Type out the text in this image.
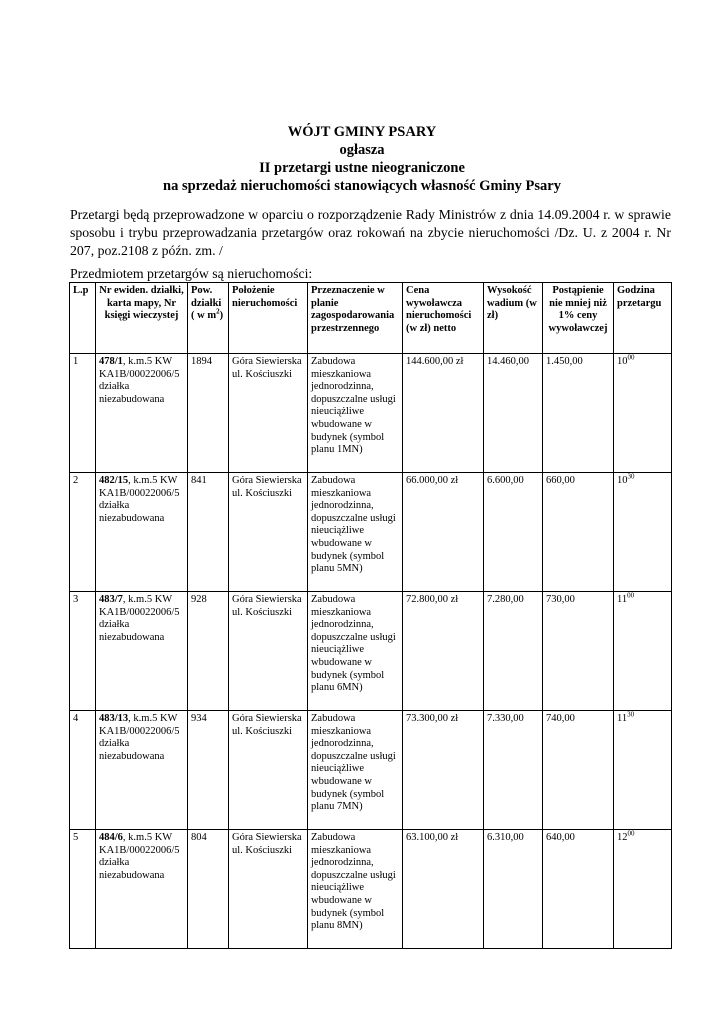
WÓJT GMINY PSARY
ogłasza
II przetargi ustne nieograniczone
na sprzedaż nieruchomości stanowiących własność Gminy Psary
Przetargi będą przeprowadzone w oparciu o rozporządzenie Rady Ministrów z dnia 14.09.2004 r. w sprawie sposobu i trybu przeprowadzania przetargów oraz rokowań na zbycie nieruchomości /Dz. U. z 2004 r. Nr 207, poz.2108 z późn. zm. /
Przedmiotem przetargów są nieruchomości:
L.p	Nr ewiden. działki, karta mapy, Nr księgi wieczystej	Pow. działki ( w $m^2$)	Położenie nieruchomości	Przeznaczenie w planie zagospodarowania przestrzennego	Cena wywoławcza nieruchomości (w zł) netto	Wysokość wadium (w zł)	Postąpienie nie mniej niż 1% ceny wywoławczej	Godzina przetargu
1	478/1, k.m.5 KW KA1B/00022006/5 działka niezabudowana	1894	Góra Siewierska ul. Kościuszki	Zabudowa mieszkaniowa jednorodzinna, dopuszczalne usługi nieuciążliwe wbudowane w budynek (symbol planu 1MN)	144.600,00 zł	14.460,00	1.450,00	$10^{00}$
2	482/15, k.m.5 KW KA1B/00022006/5 działka niezabudowana	841	Góra Siewierska ul. Kościuszki	Zabudowa mieszkaniowa jednorodzinna, dopuszczalne usługi nieuciążliwe wbudowane w budynek (symbol planu 5MN)	66.000,00 zł	6.600,00	660,00	$10^{30}$
3	483/7, k.m.5 KW KA1B/00022006/5 działka niezabudowana	928	Góra Siewierska ul. Kościuszki	Zabudowa mieszkaniowa jednorodzinna, dopuszczalne usługi nieuciążliwe wbudowane w budynek (symbol planu 6MN)	72.800,00 zł	7.280,00	730,00	$11^{00}$
4	483/13, k.m.5 KW KA1B/00022006/5 działka niezabudowana	934	Góra Siewierska ul. Kościuszki	Zabudowa mieszkaniowa jednorodzinna, dopuszczalne usługi nieuciążliwe wbudowane w budynek (symbol planu 7MN)	73.300,00 zł	7.330,00	740,00	$11^{30}$
5	484/6, k.m.5 KW KA1B/00022006/5 działka niezabudowana	804	Góra Siewierska ul. Kościuszki	Zabudowa mieszkaniowa jednorodzinna, dopuszczalne usługi nieuciążliwe wbudowane w budynek (symbol planu 8MN)	63.100,00 zł	6.310,00	640,00	$12^{00}$
